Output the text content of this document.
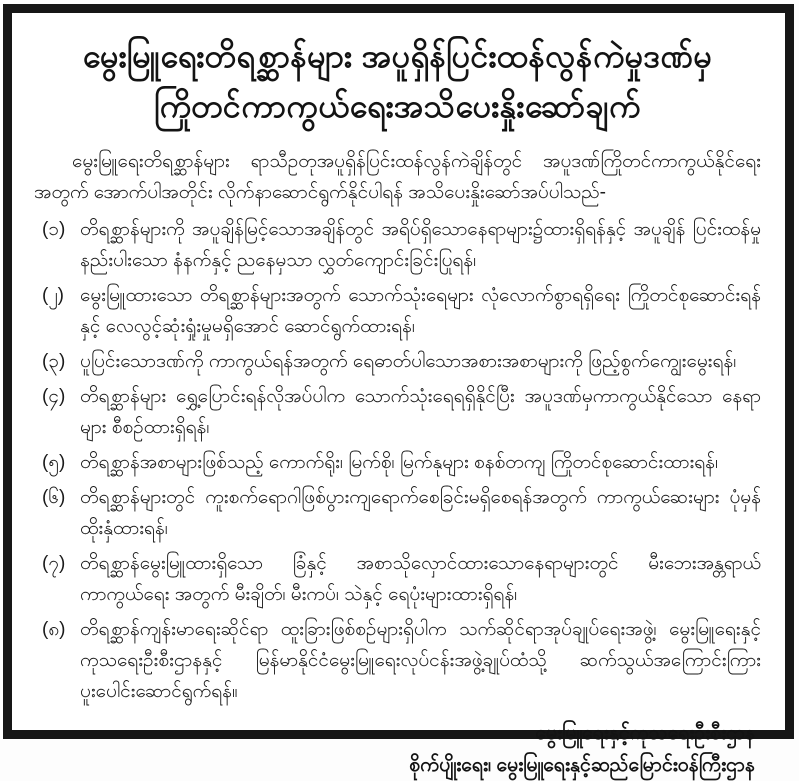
မွေးမြူရေးတိရစ္ဆာန်များ အပူရှိန်ပြင်းထန်လွန်ကဲမှုဒဏ်မှ
ကြိုတင်ကာကွယ်ရေးအသိပေးနှိုးဆော်ချက်
မွေးမြူရေးတိရစ္ဆာန်များ ရာသီဥတုအပူရှိန်ပြင်းထန်လွန်ကဲချိန်တွင် အပူဒဏ်ကြိုတင်ကာကွယ်နိုင်ရေးအတွက် အောက်ပါအတိုင်း လိုက်နာဆောင်ရွက်နိုင်ပါရန် အသိပေးနှိုးဆော်အပ်ပါသည်-
(၁) တိရစ္ဆာန်များကို အပူချိန်မြင့်သောအချိန်တွင် အရိပ်ရှိသောနေရာများ၌ထားရှိရန်နှင့် အပူချိန် ပြင်းထန်မှု နည်းပါးသော နံနက်နှင့် ညနေမှသာ လွှတ်ကျောင်းခြင်းပြုရန်၊
(၂) မွေးမြူထားသော တိရစ္ဆာန်များအတွက် သောက်သုံးရေများ လုံလောက်စွာရရှိရေး ကြိုတင်စုဆောင်းရန်နှင့် လေလွင့်ဆုံးရှုံးမှုမရှိအောင် ဆောင်ရွက်ထားရန်၊
(၃) ပူပြင်းသောဒဏ်ကို ကာကွယ်ရန်အတွက် ရေဓာတ်ပါသောအစားအစာများကို ဖြည့်စွက်ကျွေးမွေးရန်၊
(၄) တိရစ္ဆာန်များ ရွှေ့ပြောင်းရန်လိုအပ်ပါက သောက်သုံးရေရရှိနိုင်ပြီး အပူဒဏ်မှကာကွယ်နိုင်သော နေရာများ စီစဉ်ထားရှိရန်၊
(၅) တိရစ္ဆာန်အစာများဖြစ်သည့် ကောက်ရိုး၊ မြက်စို၊ မြက်နုများ စနစ်တကျ ကြိုတင်စုဆောင်းထားရန်၊
(၆) တိရစ္ဆာန်များတွင် ကူးစက်ရောဂါဖြစ်ပွားကျရောက်စေခြင်းမရှိစေရန်အတွက် ကာကွယ်ဆေးများ ပုံမှန်ထိုးနှံထားရန်၊
(၇) တိရစ္ဆာန်မွေးမြူထားရှိသော ခြံနှင့် အစာသိုလှောင်ထားသောနေရာများတွင် မီးဘေးအန္တရာယ် ကာကွယ်ရေး အတွက် မီးချိတ်၊ မီးကပ်၊ သဲနှင့် ရေပုံးများထားရှိရန်၊
(၈) တိရစ္ဆာန်ကျန်းမာရေးဆိုင်ရာ ထူးခြားဖြစ်စဉ်များရှိပါက သက်ဆိုင်ရာအုပ်ချုပ်ရေးအဖွဲ့၊ မွေးမြူရေးနှင့် ကုသရေးဦးစီးဌာနနှင့် မြန်မာနိုင်ငံမွေးမြူရေးလုပ်ငန်းအဖွဲ့ချုပ်ထံသို့ ဆက်သွယ်အကြောင်းကြား ပူးပေါင်းဆောင်ရွက်ရန်။
မွေးမြူရေးနှင့်ကုသရေးဦးစီးဌာန
စိုက်ပျိုးရေး၊ မွေးမြူရေးနှင့်ဆည်မြောင်းဝန်ကြီးဌာန
